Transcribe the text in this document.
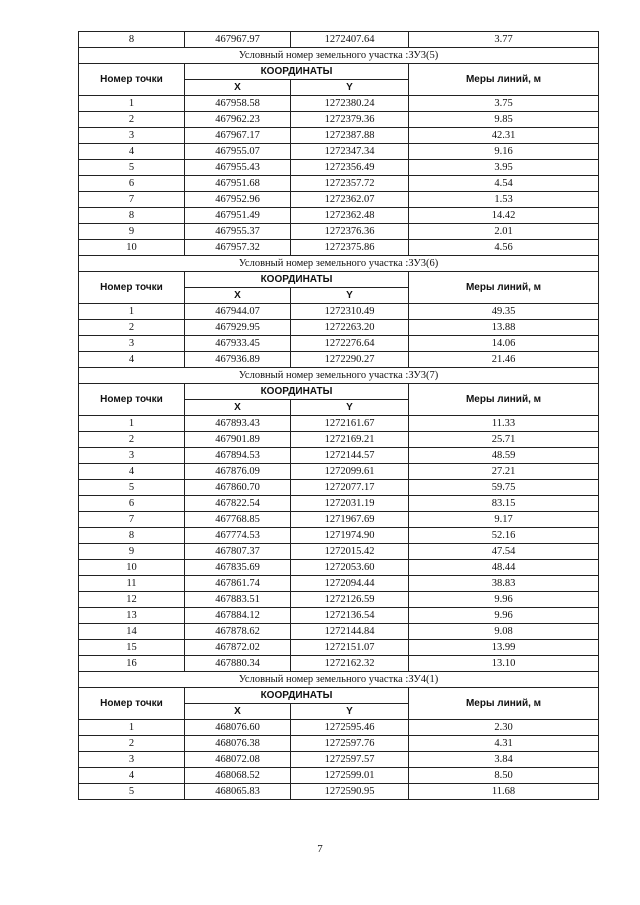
8	467967.97	1272407.64	3.77
Условный номер земельного участка :ЗУ3(5)			
Номер точки	КООРДИНАТЫ		Меры линий, м
	X	Y	
1	467958.58	1272380.24	3.75
2	467962.23	1272379.36	9.85
3	467967.17	1272387.88	42.31
4	467955.07	1272347.34	9.16
5	467955.43	1272356.49	3.95
6	467951.68	1272357.72	4.54
7	467952.96	1272362.07	1.53
8	467951.49	1272362.48	14.42
9	467955.37	1272376.36	2.01
10	467957.32	1272375.86	4.56
Условный номер земельного участка :ЗУ3(6)			
Номер точки	КООРДИНАТЫ		Меры линий, м
	X	Y	
1	467944.07	1272310.49	49.35
2	467929.95	1272263.20	13.88
3	467933.45	1272276.64	14.06
4	467936.89	1272290.27	21.46
Условный номер земельного участка :ЗУ3(7)			
Номер точки	КООРДИНАТЫ		Меры линий, м
	X	Y	
1	467893.43	1272161.67	11.33
2	467901.89	1272169.21	25.71
3	467894.53	1272144.57	48.59
4	467876.09	1272099.61	27.21
5	467860.70	1272077.17	59.75
6	467822.54	1272031.19	83.15
7	467768.85	1271967.69	9.17
8	467774.53	1271974.90	52.16
9	467807.37	1272015.42	47.54
10	467835.69	1272053.60	48.44
11	467861.74	1272094.44	38.83
12	467883.51	1272126.59	9.96
13	467884.12	1272136.54	9.96
14	467878.62	1272144.84	9.08
15	467872.02	1272151.07	13.99
16	467880.34	1272162.32	13.10
Условный номер земельного участка :ЗУ4(1)			
Номер точки	КООРДИНАТЫ		Меры линий, м
	X	Y	
1	468076.60	1272595.46	2.30
2	468076.38	1272597.76	4.31
3	468072.08	1272597.57	3.84
4	468068.52	1272599.01	8.50
5	468065.83	1272590.95	11.68
7
